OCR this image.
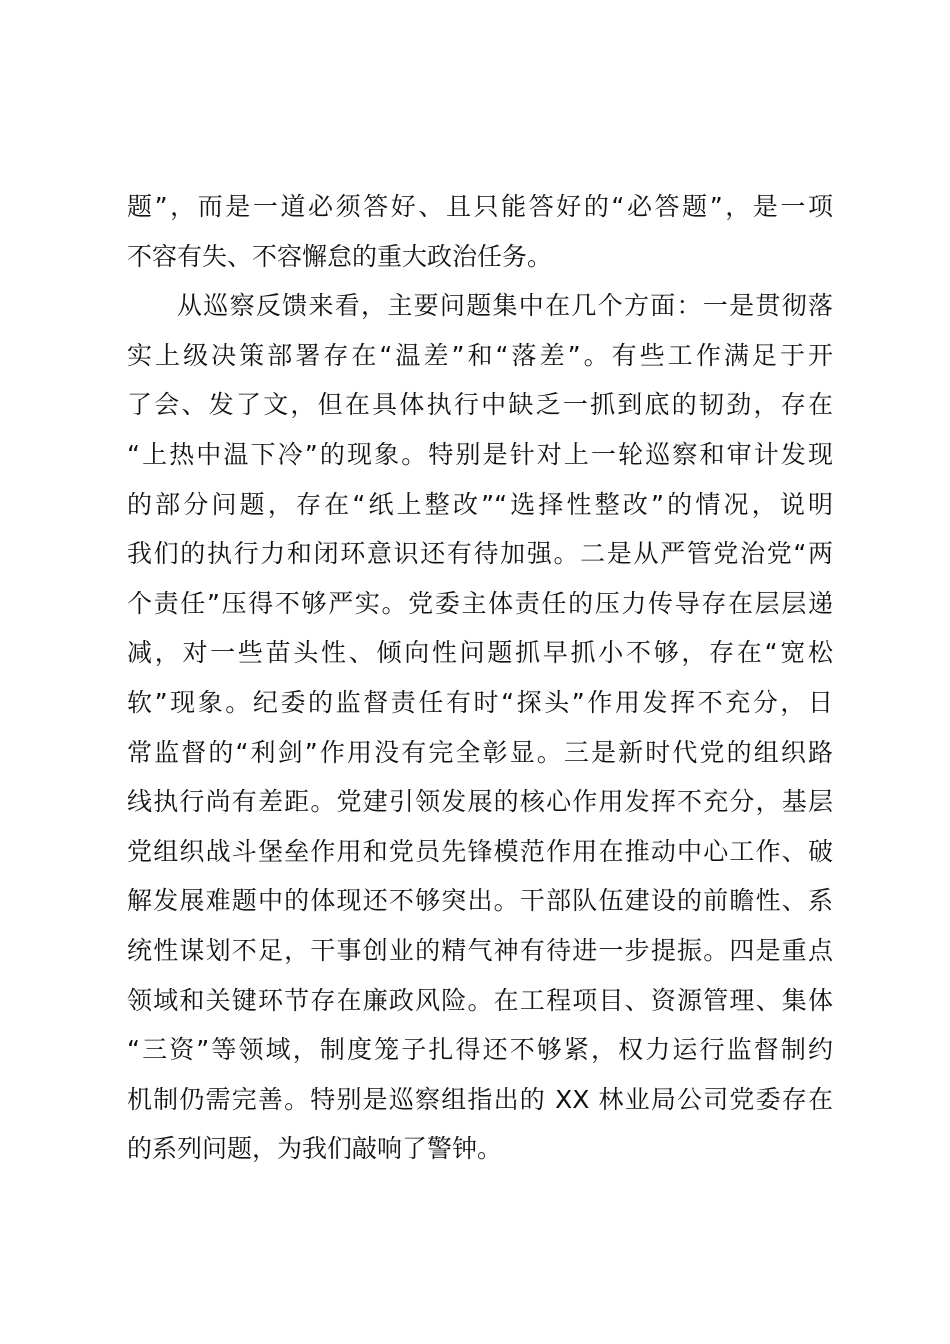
题”，而是一道必须答好、且只能答好的“必答题”，是一项
不容有失、不容懈怠的重大政治任务。
从巡察反馈来看，主要问题集中在几个方面：一是贯彻落
实上级决策部署存在“温差”和“落差”。有些工作满足于开
了会、发了文，但在具体执行中缺乏一抓到底的韧劲，存在
“上热中温下冷”的现象。特别是针对上一轮巡察和审计发现
的部分问题，存在“纸上整改”“选择性整改”的情况，说明
我们的执行力和闭环意识还有待加强。二是从严管党治党“两
个责任”压得不够严实。党委主体责任的压力传导存在层层递
减，对一些苗头性、倾向性问题抓早抓小不够，存在“宽松
软”现象。纪委的监督责任有时“探头”作用发挥不充分，日
常监督的“利剑”作用没有完全彰显。三是新时代党的组织路
线执行尚有差距。党建引领发展的核心作用发挥不充分，基层
党组织战斗堡垒作用和党员先锋模范作用在推动中心工作、破
解发展难题中的体现还不够突出。干部队伍建设的前瞻性、系
统性谋划不足，干事创业的精气神有待进一步提振。四是重点
领域和关键环节存在廉政风险。在工程项目、资源管理、集体
“三资”等领域，制度笼子扎得还不够紧，权力运行监督制约
机制仍需完善。特别是巡察组指出的 XX 林业局公司党委存在
的系列问题，为我们敲响了警钟。
